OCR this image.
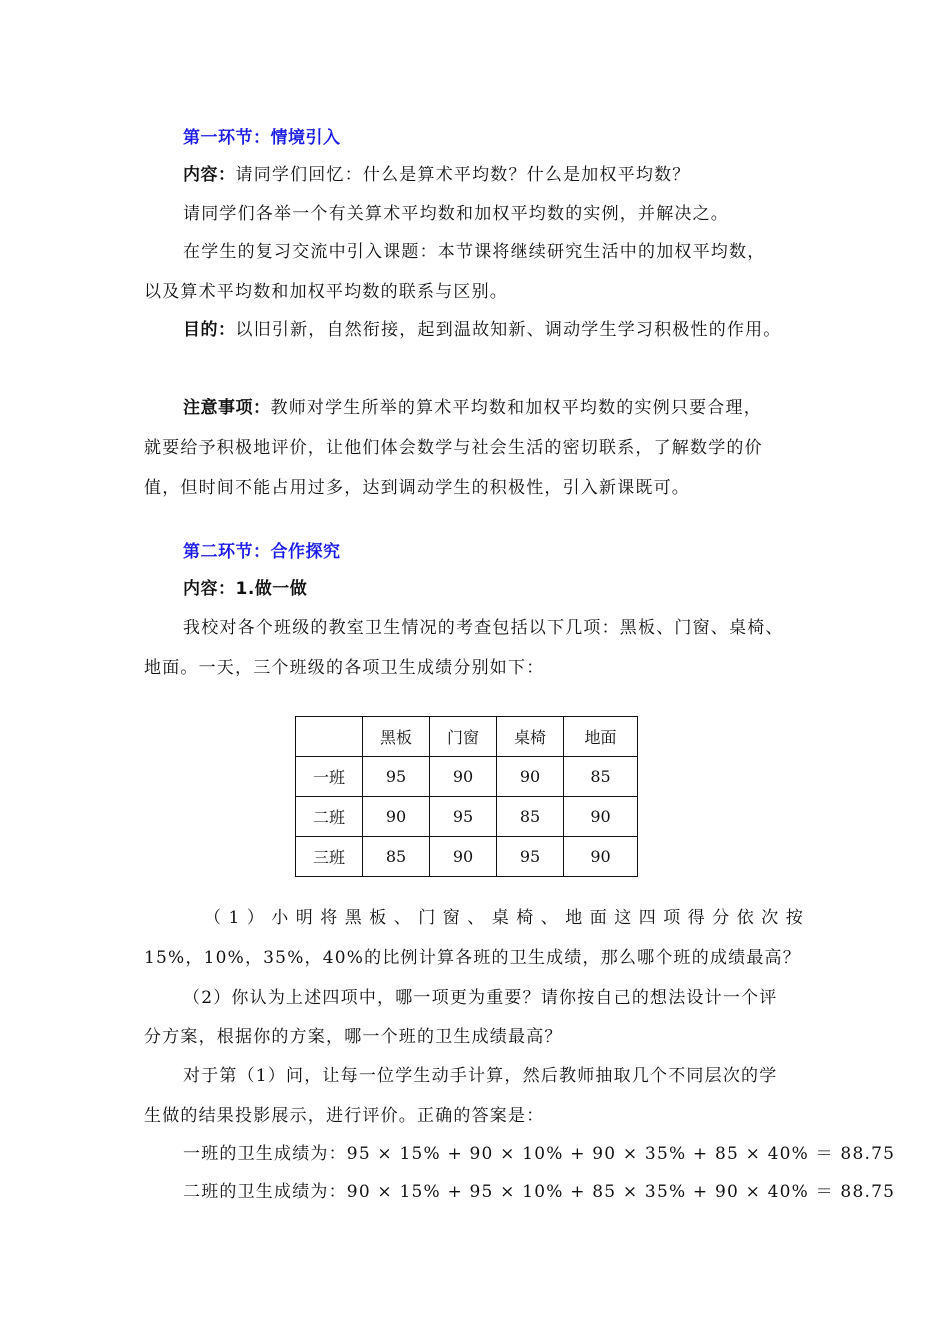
第一环节：情境引入
内容：请同学们回忆：什么是算术平均数？什么是加权平均数？
请同学们各举一个有关算术平均数和加权平均数的实例，并解决之。
在学生的复习交流中引入课题：本节课将继续研究生活中的加权平均数，
以及算术平均数和加权平均数的联系与区别。
目的：以旧引新，自然衔接，起到温故知新、调动学生学习积极性的作用。
注意事项：教师对学生所举的算术平均数和加权平均数的实例只要合理，
就要给予积极地评价，让他们体会数学与社会生活的密切联系，了解数学的价
值，但时间不能占用过多，达到调动学生的积极性，引入新课既可。
第二环节：合作探究
内容：1.做一做
我校对各个班级的教室卫生情况的考查包括以下几项：黑板、门窗、桌椅、
地面。一天，三个班级的各项卫生成绩分别如下：
	黑板	门窗	桌椅	地面
一班	95	90	90	85
二班	90	95	85	90
三班	85	90	95	90
（1）小明将黑板、门窗、桌椅、地面这四项得分依次按
15%，10%，35%，40%的比例计算各班的卫生成绩，那么哪个班的成绩最高？
（2）你认为上述四项中，哪一项更为重要？请你按自己的想法设计一个评
分方案，根据你的方案，哪一个班的卫生成绩最高？
对于第（1）问，让每一位学生动手计算，然后教师抽取几个不同层次的学
生做的结果投影展示，进行评价。正确的答案是：
一班的卫生成绩为：95 × 15% + 90 × 10% + 90 × 35% + 85 × 40% ＝ 88.75
二班的卫生成绩为：90 × 15% + 95 × 10% + 85 × 35% + 90 × 40% ＝ 88.75
